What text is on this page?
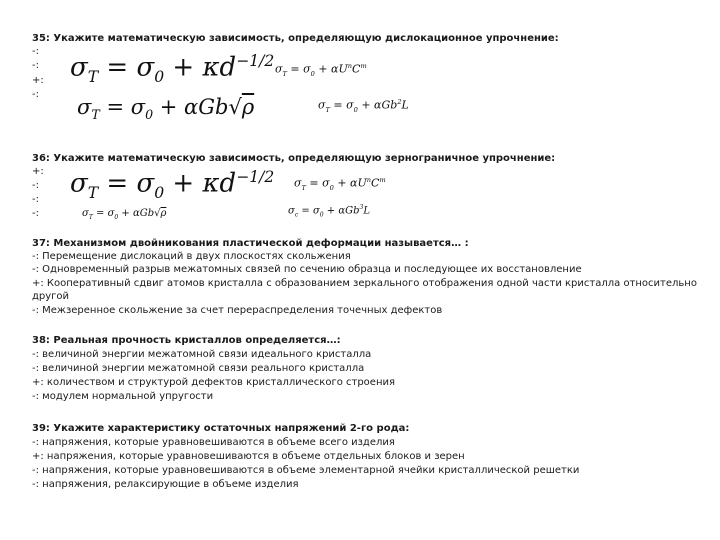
35: Укажите математическую зависимость, определяющую дислокационное упрочнение:
-:
-:
+:
-:
$\sigma_T = \sigma_0 + \kappa d^{-1/2}$ $\sigma_T = \sigma_0 + \alpha U^nC^m$
$\sigma_T = \sigma_0 + \alpha Gb√\rho$	$\sigma_T = \sigma_0 + \alpha Gb^2L$
36: Укажите математическую зависимость, определяющую зернограничное упрочнение:
+:
-:
-:
-:
$\sigma_T = \sigma_0 + \kappa d^{-1/2}$ $\sigma_T = \sigma_0 + \alpha U^nC^m$
$\sigma_T = \sigma_0 + \alpha Gb√\rho$	$\sigma_c = \sigma_0 + \alpha Gb^3L$
37: Механизмом двойникования пластической деформации называется… :
-: Перемещение дислокаций в двух плоскостях скольжения
-: Одновременный разрыв межатомных связей по сечению образца и последующее их восстановление
+: Кооперативный сдвиг атомов кристалла с образованием зеркального отображения одной части кристалла относительно
другой
-: Межзеренное скольжение за счет перераспределения точечных дефектов
38: Реальная прочность кристаллов определяется…:
-: величиной энергии межатомной связи идеального кристалла
-: величиной энергии межатомной связи реального кристалла
+: количеством и структурой дефектов кристаллического строения
-: модулем нормальной упругости
39: Укажите характеристику остаточных напряжений 2-го рода:
-: напряжения, которые уравновешиваются в объеме всего изделия
+: напряжения, которые уравновешиваются в объеме отдельных блоков и зерен
-: напряжения, которые уравновешиваются в объеме элементарной ячейки кристаллической решетки
-: напряжения, релаксирующие в объеме изделия
